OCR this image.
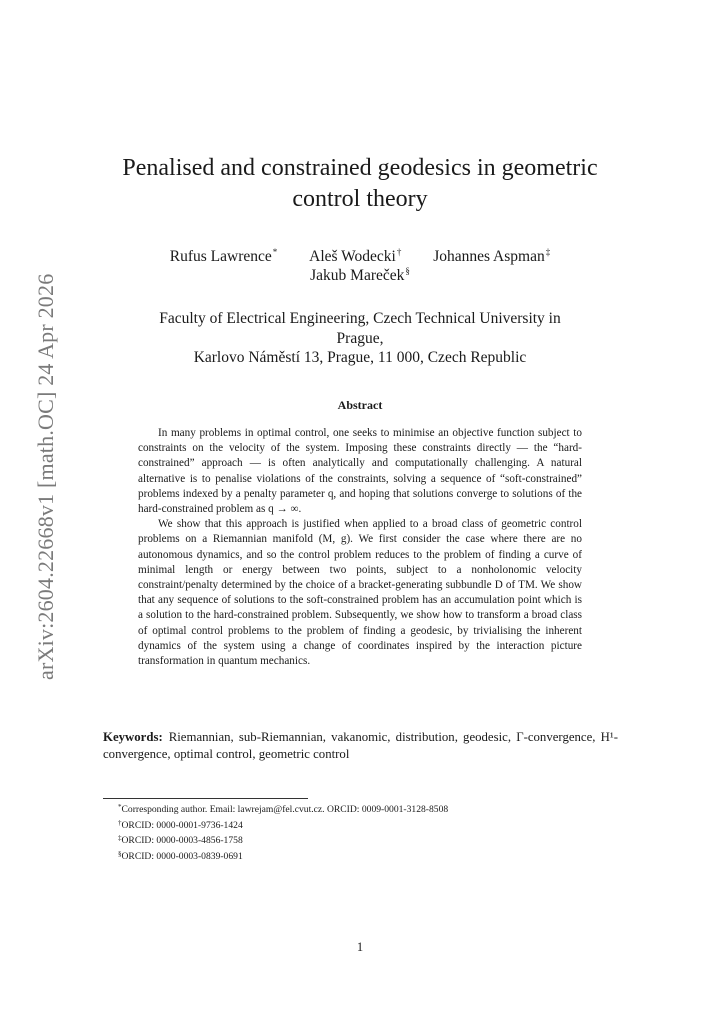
arXiv:2604.22668v1 [math.OC] 24 Apr 2026
Penalised and constrained geodesics in geometric
control theory
Rufus Lawrence* Aleš Wodecki† Johannes Aspman‡
Jakub Mareček§
Faculty of Electrical Engineering, Czech Technical University in
Prague,
Karlovo Náměstí 13, Prague, 11 000, Czech Republic
Abstract

In many problems in optimal control, one seeks to minimise an objective function subject to constraints on the velocity of the system. Imposing these constraints directly — the “hard-constrained” approach — is often analytically and computationally challenging. A natural alternative is to penalise violations of the constraints, solving a sequence of “soft-constrained” problems indexed by a penalty parameter q, and hoping that solutions converge to solutions of the hard-constrained problem as q → ∞.

We show that this approach is justified when applied to a broad class of geometric control problems on a Riemannian manifold (M, g). We first consider the case where there are no autonomous dynamics, and so the control problem reduces to the problem of finding a curve of minimal length or energy between two points, subject to a nonholonomic velocity constraint/penalty determined by the choice of a bracket-generating subbundle D of TM. We show that any sequence of solutions to the soft-constrained problem has an accumulation point which is a solution to the hard-constrained problem. Subsequently, we show how to transform a broad class of optimal control problems to the problem of finding a geodesic, by trivialising the inherent dynamics of the system using a change of coordinates inspired by the interaction picture transformation in quantum mechanics.

Keywords: Riemannian, sub-Riemannian, vakanomic, distribution, geodesic, Γ-convergence, H¹-convergence, optimal control, geometric control
*Corresponding author. Email: lawrejam@fel.cvut.cz. ORCID: 0009-0001-3128-8508
†ORCID: 0000-0001-9736-1424
‡ORCID: 0000-0003-4856-1758
§ORCID: 0000-0003-0839-0691
1
